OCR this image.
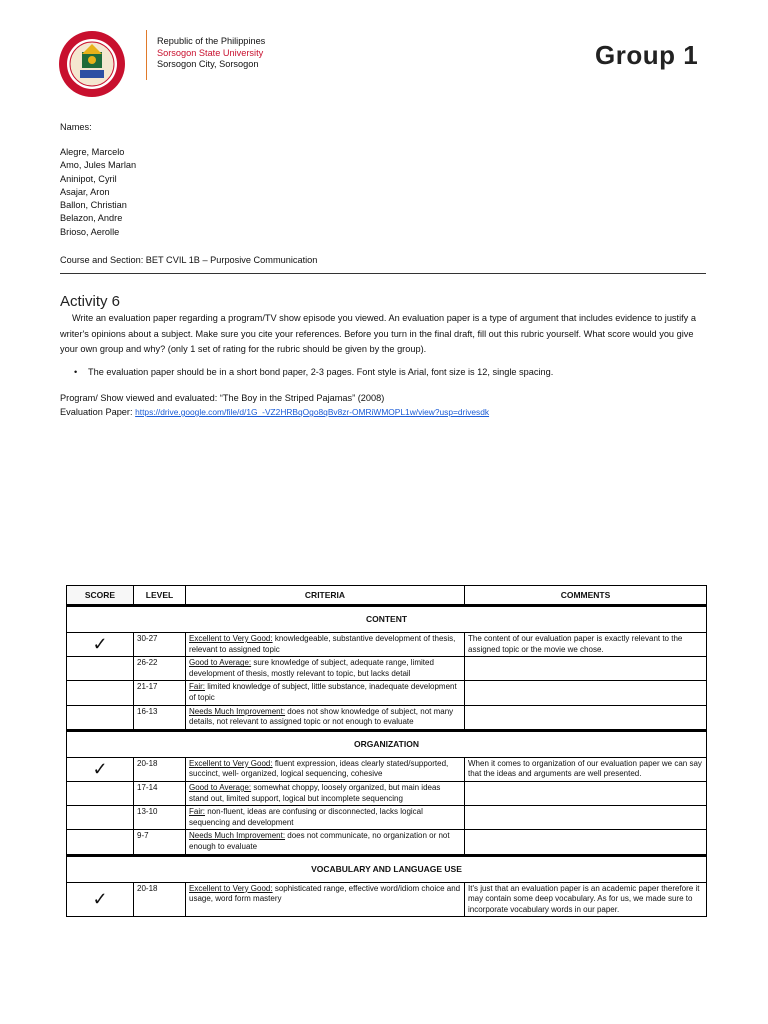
Republic of the Philippines
Sorsogon State University
Sorsogon City, Sorsogon	Group 1
Names:
Alegre, Marcelo
Amo, Jules Marlan
Aninipot, Cyril
Asajar, Aron
Ballon, Christian
Belazon, Andre
Brioso, Aerolle
Course and Section: BET CVIL 1B – Purposive Communication
Activity 6
Write an evaluation paper regarding a program/TV show episode you viewed. An evaluation paper is a type of argument that includes evidence to justify a writer's opinions about a subject. Make sure you cite your references. Before you turn in the final draft, fill out this rubric yourself. What score would you give your own group and why? (only 1 set of rating for the rubric should be given by the group).
• The evaluation paper should be in a short bond paper, 2-3 pages. Font style is Arial, font size is 12, single spacing.
Program/ Show viewed and evaluated: “The Boy in the Striped Pajamas” (2008)
Evaluation Paper: https://drive.google.com/file/d/1G_-VZ2HRBqOgo8qBv8zr-OMRiWMOPL1w/view?usp=drivesdk
SCORE	LEVEL	CRITERIA	COMMENTS
CONTENT			
✓	30-27	Excellent to Very Good: knowledgeable, substantive development of thesis, relevant to assigned topic	The content of our evaluation paper is exactly relevant to the assigned topic or the movie we chose.
	26-22	Good to Average: sure knowledge of subject, adequate range, limited development of thesis, mostly relevant to topic, but lacks detail	
	21-17	Fair: limited knowledge of subject, little substance, inadequate development of topic	
	16-13	Needs Much Improvement: does not show knowledge of subject, not many details, not relevant to assigned topic or not enough to evaluate	
ORGANIZATION			
✓	20-18	Excellent to Very Good: fluent expression, ideas clearly stated/supported, succinct, well- organized, logical sequencing, cohesive	When it comes to organization of our evaluation paper we can say that the ideas and arguments are well presented.
	17-14	Good to Average: somewhat choppy, loosely organized, but main ideas stand out, limited support, logical but incomplete sequencing	
	13-10	Fair: non-fluent, ideas are confusing or disconnected, lacks logical sequencing and development	
	9-7	Needs Much Improvement: does not communicate, no organization or not enough to evaluate	
VOCABULARY AND LANGUAGE USE			
✓	20-18	Excellent to Very Good: sophisticated range, effective word/idiom choice and usage, word form mastery	It's just that an evaluation paper is an academic paper therefore it may contain some deep vocabulary. As for us, we made sure to incorporate vocabulary words in our paper.
